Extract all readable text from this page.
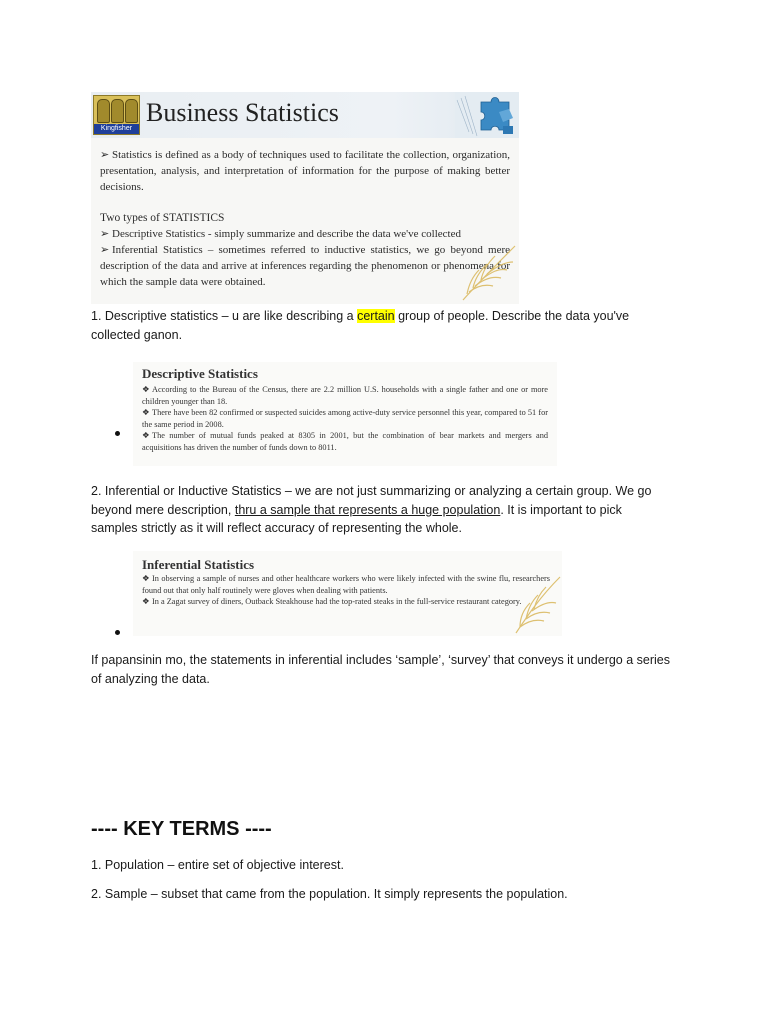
Kingfisher
Business Statistics

➢ Statistics is defined as a body of techniques used to facilitate the collection, organization, presentation, analysis, and interpretation of information for the purpose of making better decisions.

Two types of STATISTICS

➢ Descriptive Statistics - simply summarize and describe the data we've collected

➢ Inferential Statistics – sometimes referred to inductive statistics, we go beyond mere description of the data and arrive at inferences regarding the phenomenon or phenomena for which the sample data were obtained.

1. Descriptive statistics – u are like describing a certain group of people. Describe the data you've collected ganon.

Descriptive Statistics

❖ According to the Bureau of the Census, there are 2.2 million U.S. households with a single father and one or more children younger than 18.

❖ There have been 82 confirmed or suspected suicides among active-duty service personnel this year, compared to 51 for the same period in 2008.

❖ The number of mutual funds peaked at 8305 in 2001, but the combination of bear markets and mergers and acquisitions has driven the number of funds down to 8011.

2. Inferential or Inductive Statistics – we are not just summarizing or analyzing a certain group. We go beyond mere description, thru a sample that represents a huge population. It is important to pick samples strictly as it will reflect accuracy of representing the whole.

Inferential Statistics

❖ In observing a sample of nurses and other healthcare workers who were likely infected with the swine flu, researchers found out that only half routinely were gloves when dealing with patients.

❖ In a Zagat survey of diners, Outback Steakhouse had the top-rated steaks in the full-service restaurant category.

If papansinin mo, the statements in inferential includes ‘sample’, ‘survey’ that conveys it undergo a series of analyzing the data.

---- KEY TERMS ----

1. Population – entire set of objective interest.

2. Sample – subset that came from the population. It simply represents the population.
